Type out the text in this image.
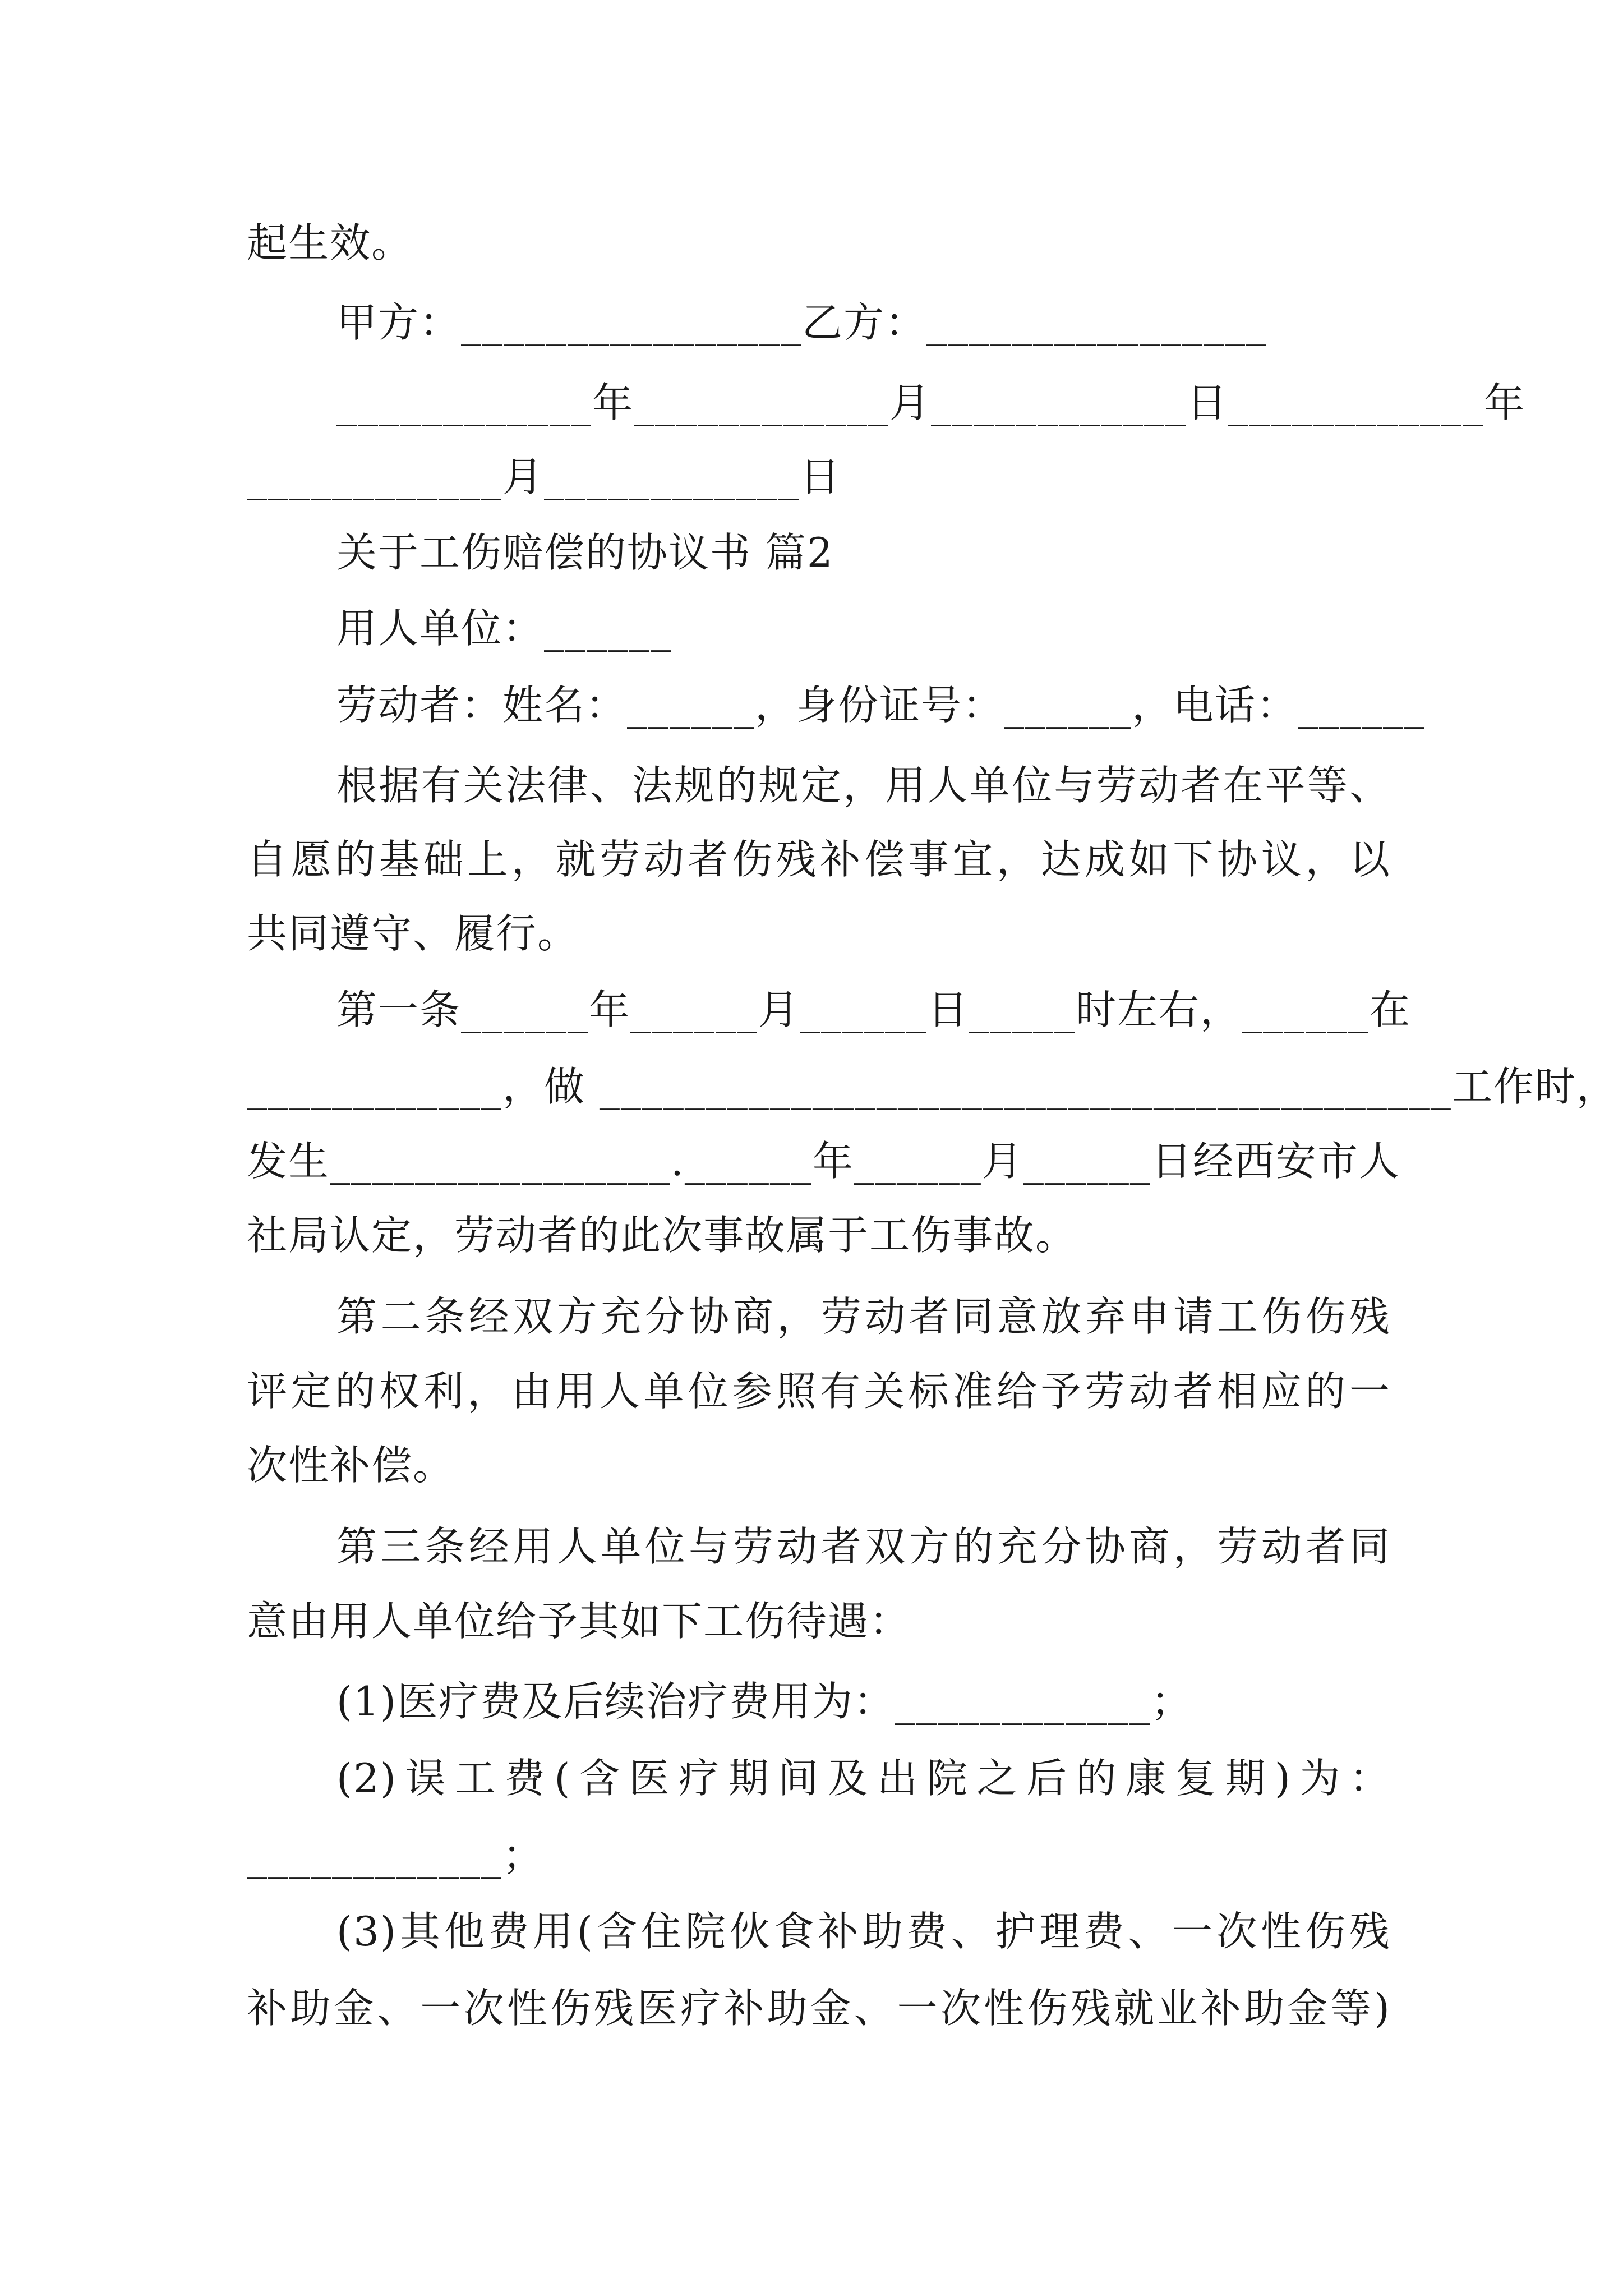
起生效。
甲方：________________乙方：________________
____________年____________月____________日____________年
____________月____________日
关于工伤赔偿的协议书 篇2
用人单位：______
劳动者：姓名：______，身份证号：______，电话：______
根据有关法律、法规的规定，用人单位与劳动者在平等、
自愿的基础上，就劳动者伤残补偿事宜，达成如下协议，以
共同遵守、履行。
第一条______年______月______日_____时左右，______在
____________，做 ________________________________________工作时，
发生________________.______年______月______日经西安市人
社局认定，劳动者的此次事故属于工伤事故。
第二条经双方充分协商，劳动者同意放弃申请工伤伤残
评定的权利，由用人单位参照有关标准给予劳动者相应的一
次性补偿。
第三条经用人单位与劳动者双方的充分协商，劳动者同
意由用人单位给予其如下工伤待遇：
(1)医疗费及后续治疗费用为：____________；
(2)误工费(含医疗期间及出院之后的康复期)为：
____________；
(3)其他费用(含住院伙食补助费、护理费、一次性伤残
补助金、一次性伤残医疗补助金、一次性伤残就业补助金等)
